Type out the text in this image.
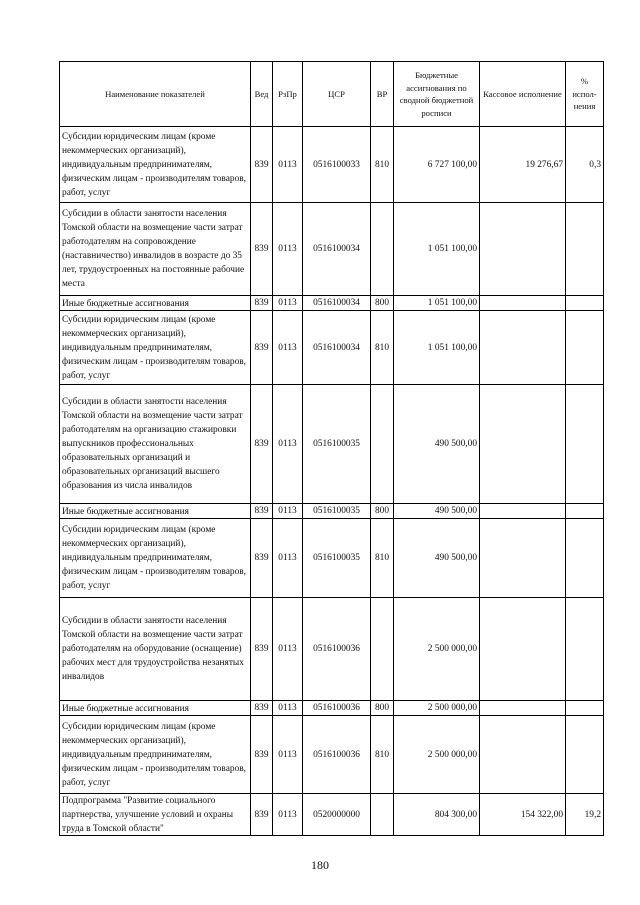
Наименование показателей	Вед	РзПр	ЦСР	ВР	Бюджетные ассигнования по сводной бюджетной росписи	Кассовое исполнение	% испол-нения

Субсидии юридическим лицам (кроме некоммерческих организаций), индивидуальным предпринимателям, физическим лицам - производителям товаров, работ, услуг	839	0113	0516100033	810	6 727 100,00	19 276,67	0,3

Субсидии в области занятости населения Томской области на возмещение части затрат работодателям на сопровождение (наставничество) инвалидов в возрасте до 35 лет, трудоустроенных на постоянные рабочие места	839	0113	0516100034		1 051 100,00		

Иные бюджетные ассигнования	839	0113	0516100034	800	1 051 100,00		

Субсидии юридическим лицам (кроме некоммерческих организаций), индивидуальным предпринимателям, физическим лицам - производителям товаров, работ, услуг	839	0113	0516100034	810	1 051 100,00		

Субсидии в области занятости населения Томской области на возмещение части затрат работодателям на организацию стажировки выпускников профессиональных образовательных организаций и образовательных организаций высшего образования из числа инвалидов	839	0113	0516100035		490 500,00		

Иные бюджетные ассигнования	839	0113	0516100035	800	490 500,00		

Субсидии юридическим лицам (кроме некоммерческих организаций), индивидуальным предпринимателям, физическим лицам - производителям товаров, работ, услуг	839	0113	0516100035	810	490 500,00		

Субсидии в области занятости населения Томской области на возмещение части затрат работодателям на оборудование (оснащение) рабочих мест для трудоустройства незанятых инвалидов	839	0113	0516100036		2 500 000,00		

Иные бюджетные ассигнования	839	0113	0516100036	800	2 500 000,00		

Субсидии юридическим лицам (кроме некоммерческих организаций), индивидуальным предпринимателям, физическим лицам - производителям товаров, работ, услуг	839	0113	0516100036	810	2 500 000,00		

Подпрограмма "Развитие социального партнерства, улучшение условий и охраны труда в Томской области"	839	0113	0520000000		804 300,00	154 322,00	19,2
180
